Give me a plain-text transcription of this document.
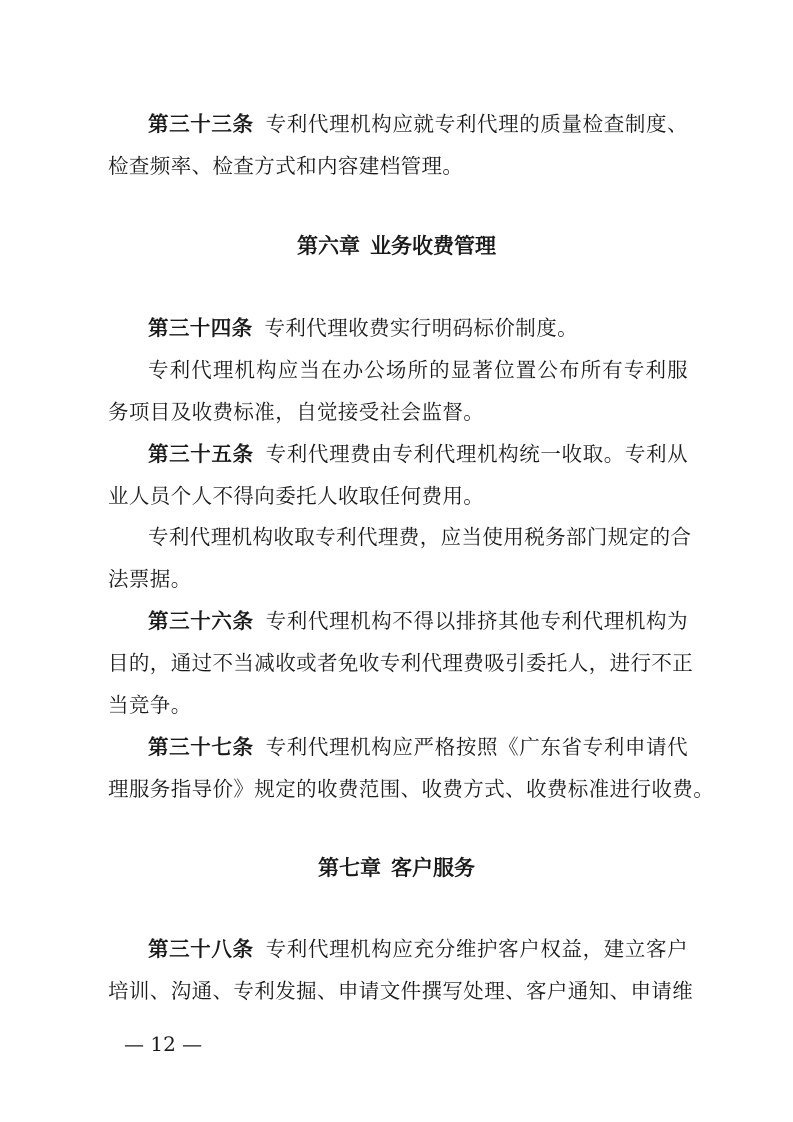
第三十三条 专利代理机构应就专利代理的质量检查制度、
检查频率、检查方式和内容建档管理。
第六章 业务收费管理
第三十四条 专利代理收费实行明码标价制度。
专利代理机构应当在办公场所的显著位置公布所有专利服
务项目及收费标准，自觉接受社会监督。
第三十五条 专利代理费由专利代理机构统一收取。专利从
业人员个人不得向委托人收取任何费用。
专利代理机构收取专利代理费，应当使用税务部门规定的合
法票据。
第三十六条 专利代理机构不得以排挤其他专利代理机构为
目的，通过不当减收或者免收专利代理费吸引委托人，进行不正
当竞争。
第三十七条 专利代理机构应严格按照《广东省专利申请代
理服务指导价》规定的收费范围、收费方式、收费标准进行收费。
第七章 客户服务
第三十八条 专利代理机构应充分维护客户权益，建立客户
培训、沟通、专利发掘、申请文件撰写处理、客户通知、申请维
— 12 —
